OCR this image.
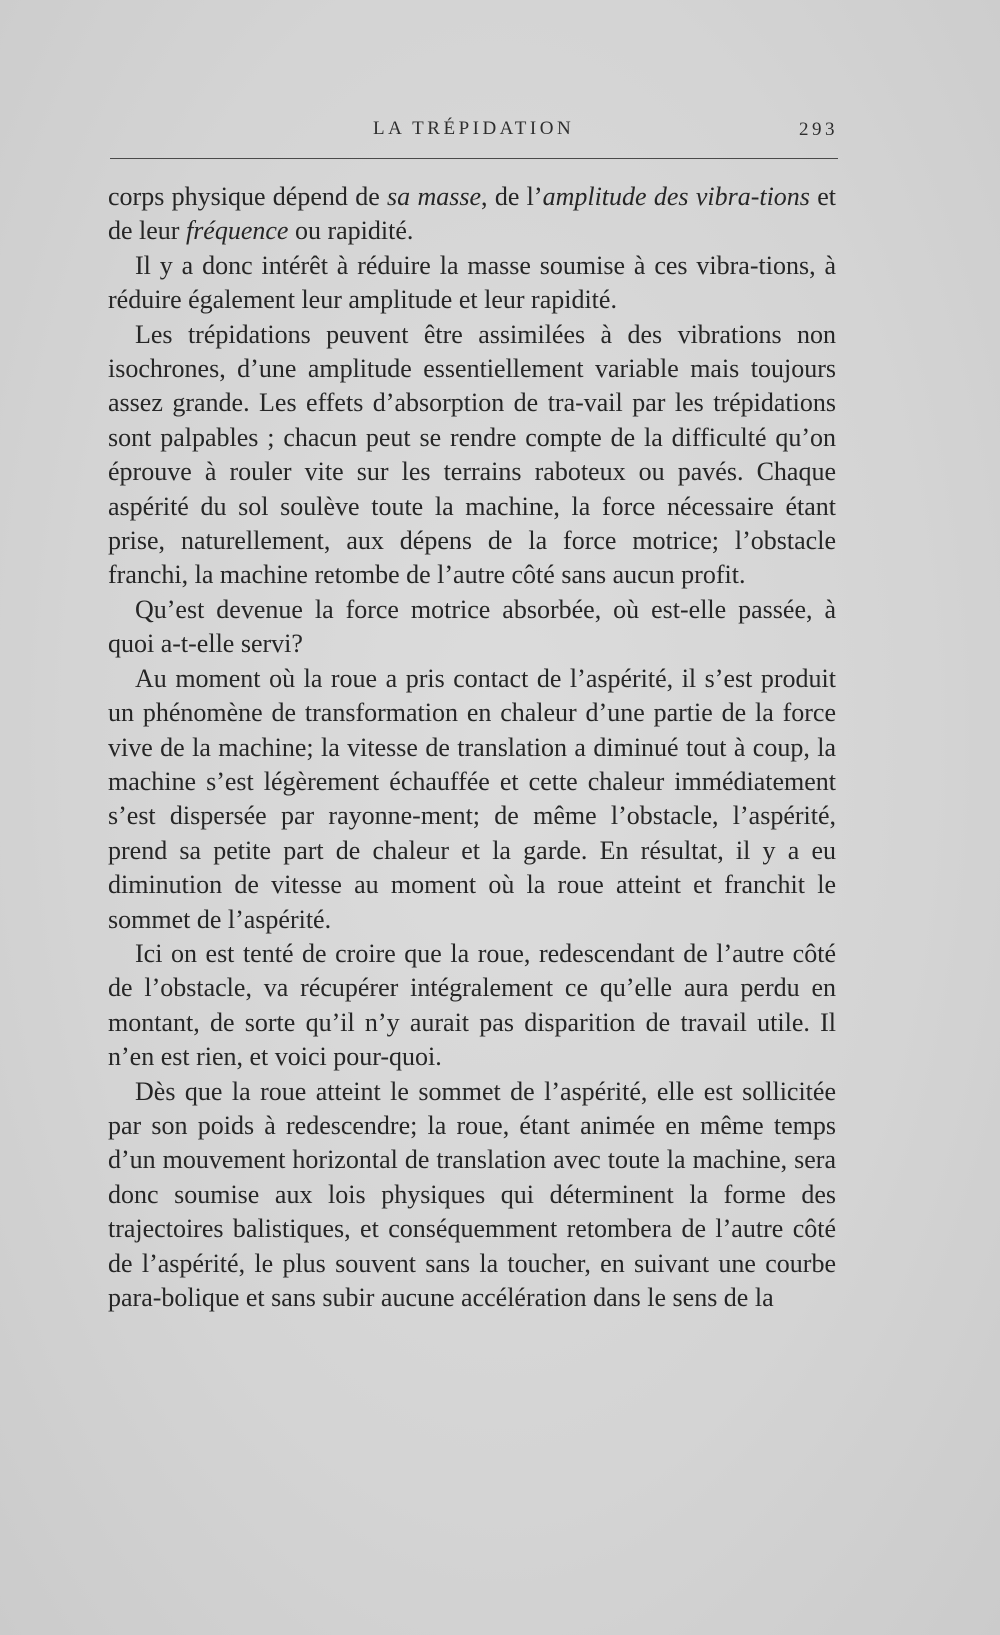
LA TRÉPIDATION	293

corps physique dépend de sa masse, de l’amplitude des vibra-tions et de leur fréquence ou rapidité.

Il y a donc intérêt à réduire la masse soumise à ces vibra-tions, à réduire également leur amplitude et leur rapidité.

Les trépidations peuvent être assimilées à des vibrations non isochrones, d’une amplitude essentiellement variable mais toujours assez grande. Les effets d’absorption de tra-vail par les trépidations sont palpables ; chacun peut se rendre compte de la difficulté qu’on éprouve à rouler vite sur les terrains raboteux ou pavés. Chaque aspérité du sol soulève toute la machine, la force nécessaire étant prise, naturellement, aux dépens de la force motrice; l’obstacle franchi, la machine retombe de l’autre côté sans aucun profit.

Qu’est devenue la force motrice absorbée, où est-elle passée, à quoi a-t-elle servi?

Au moment où la roue a pris contact de l’aspérité, il s’est produit un phénomène de transformation en chaleur d’une partie de la force vive de la machine; la vitesse de translation a diminué tout à coup, la machine s’est légèrement échauffée et cette chaleur immédiatement s’est dispersée par rayonne-ment; de même l’obstacle, l’aspérité, prend sa petite part de chaleur et la garde. En résultat, il y a eu diminution de vitesse au moment où la roue atteint et franchit le sommet de l’aspérité.

Ici on est tenté de croire que la roue, redescendant de l’autre côté de l’obstacle, va récupérer intégralement ce qu’elle aura perdu en montant, de sorte qu’il n’y aurait pas disparition de travail utile. Il n’en est rien, et voici pour-quoi.

Dès que la roue atteint le sommet de l’aspérité, elle est sollicitée par son poids à redescendre; la roue, étant animée en même temps d’un mouvement horizontal de translation avec toute la machine, sera donc soumise aux lois physiques qui déterminent la forme des trajectoires balistiques, et conséquemment retombera de l’autre côté de l’aspérité, le plus souvent sans la toucher, en suivant une courbe para-bolique et sans subir aucune accélération dans le sens de la
